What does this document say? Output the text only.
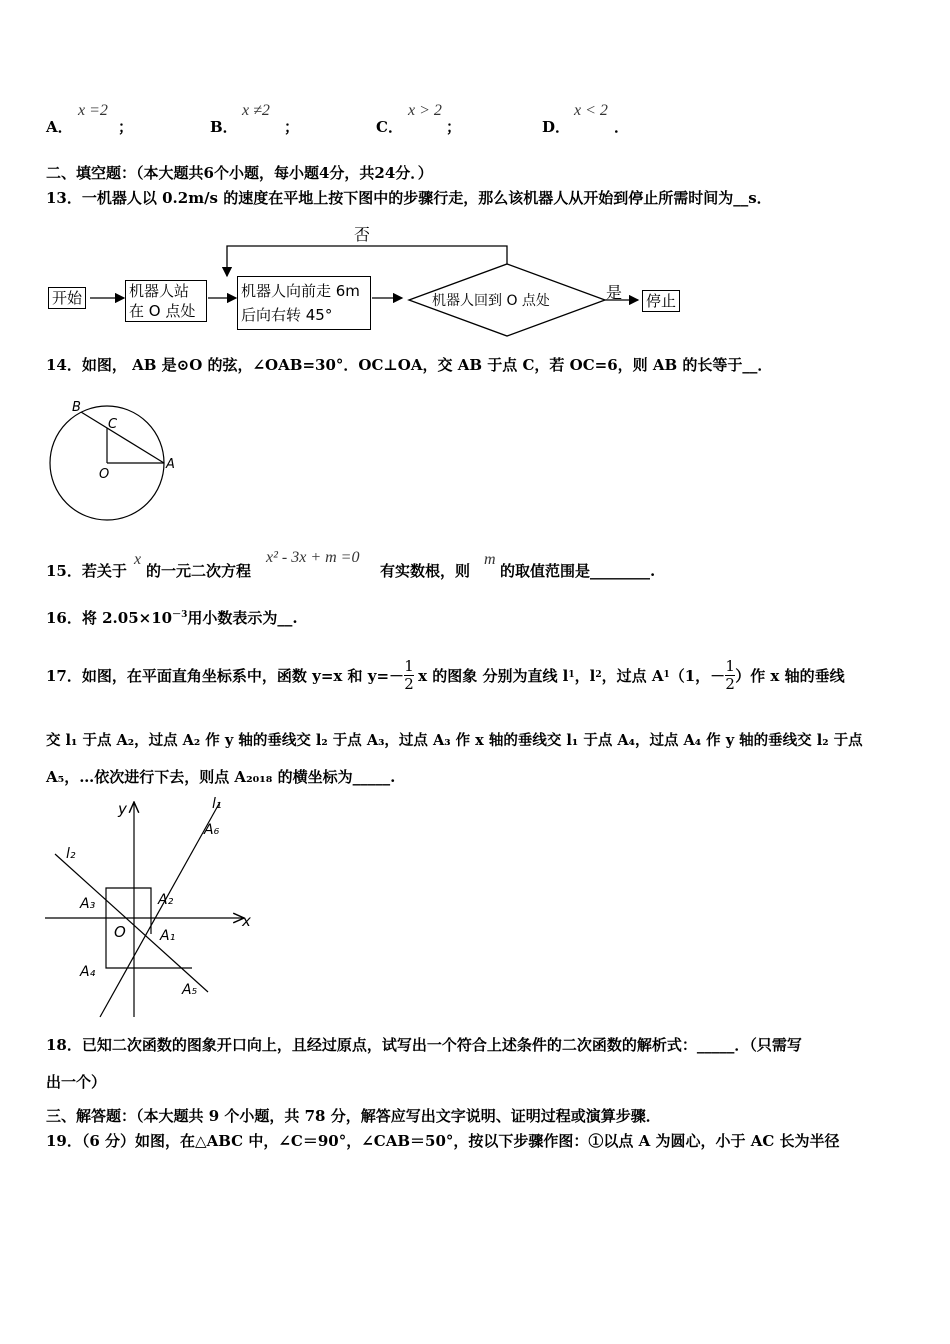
A．
x =2
；	B．
x ≠2
；	C．
x > 2
；	D．
x < 2
．
二、填空题：（本大题共6个小题，每小题4分，共24分．）
13．一机器人以 0.2m/s 的速度在平地上按下图中的步骤行走，那么该机器人从开始到停止所需时间为__s．
否
开始	机器人站
在 O 点处
机器人向前走 6m
后向右转 45°
机器人回到 O 点处	是 停止
14．如图， AB 是⊙O 的弦，∠OAB=30°．OC⊥OA，交 AB 于点 C，若 OC=6，则 AB 的长等于__．
B
C
O
A
15．若关于
x
的一元二次方程
x² - 3x + m =0
有实数根，则
m
的取值范围是________.
16．将 $2.05\times 10^{-3}$用小数表示为__.
17．如图，在平面直角坐标系中，函数 y=x 和 $y=- \frac{1}{2}$ x 的图象 分别为直线 l 1 ，l 2 ，过点 A 1 （1，－ $\frac{1}{2}$ ）作 x 轴的垂线
交 l₁ 于点 A₂，过点 A₂ 作 y 轴的垂线交 l₂ 于点 A₃，过点 A₃ 作 x 轴的垂线交 l₁ 于点 A₄，过点 A₄ 作 y 轴的垂线交 l₂ 于点
A₅，…依次进行下去，则点 A₂₀₁₈ 的横坐标为_____.
y
x
O
l₁
l₂
A₁
A₂
A₃
A₄
A₅
A₆
18．已知二次函数的图象开口向上，且经过原点，试写出一个符合上述条件的二次函数的解析式：_____．（只需写
出一个）
三、解答题：（本大题共 9 个小题，共 78 分，解答应写出文字说明、证明过程或演算步骤．
19．（6 分）如图，在△ABC 中，∠C＝90°，∠CAB＝50°，按以下步骤作图：①以点 A 为圆心，小于 AC 长为半径
